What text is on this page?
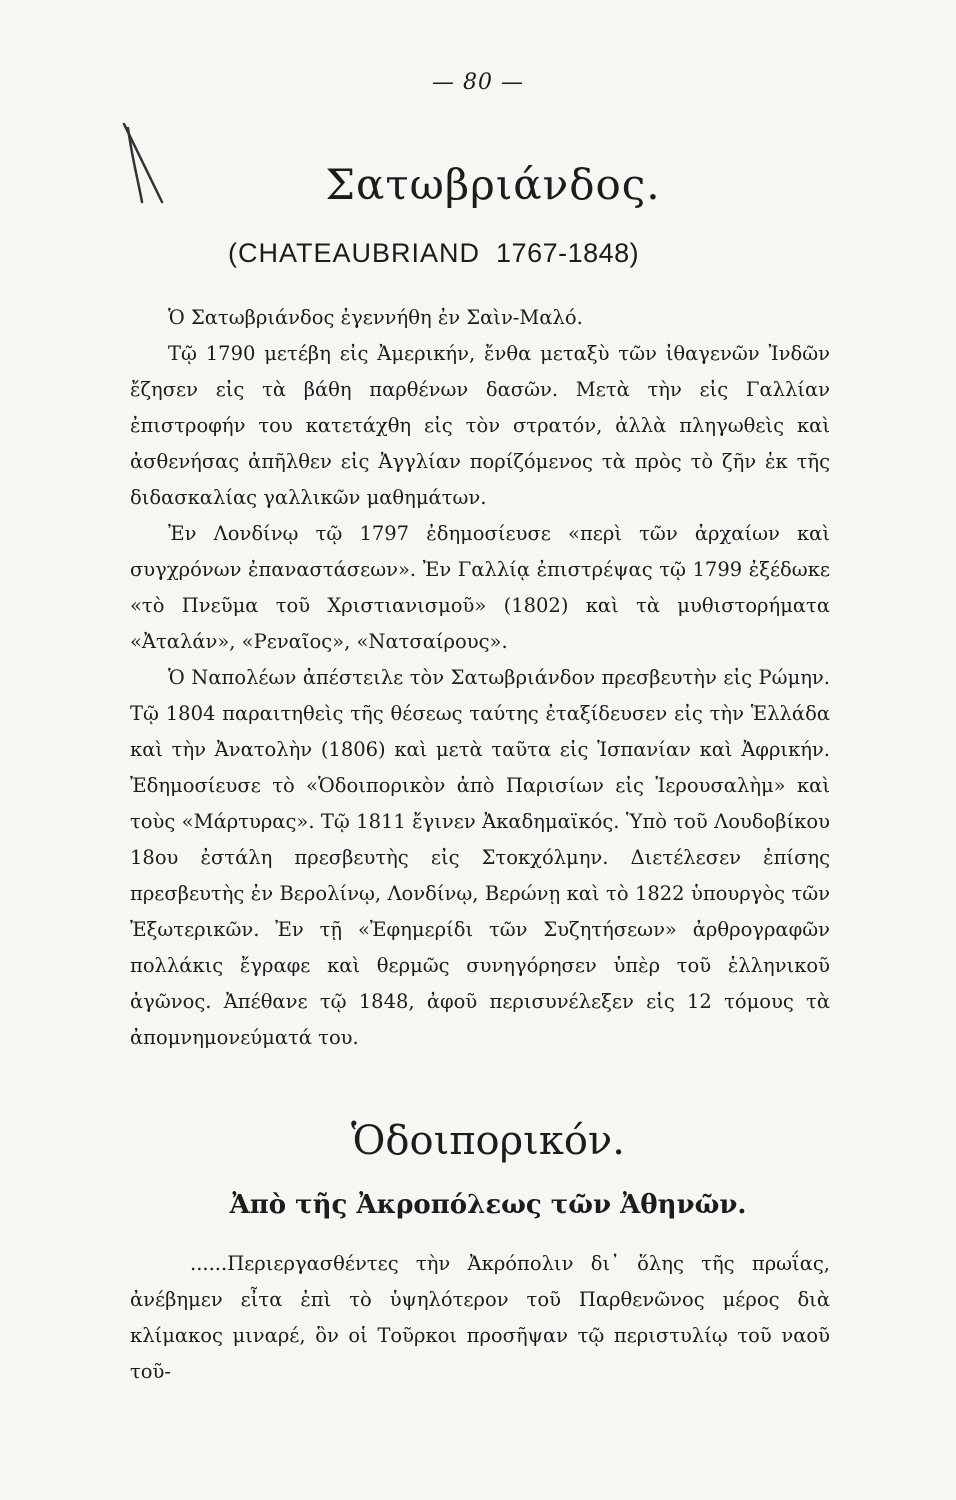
— 80 —
Σατωβριάνδος.
(CHATEAUBRIAND 1767-1848)

Ὁ Σατωβριάνδος ἐγεννήθη ἐν Σαὶν-Μαλό.

Τῷ 1790 μετέβη εἰς Ἀμερικήν, ἔνθα μεταξὺ τῶν ἰθαγενῶν Ἰνδῶν ἔζησεν εἰς τὰ βάθη παρθένων δασῶν. Μετὰ τὴν εἰς Γαλλίαν ἐπιστροφήν του κατετάχθη εἰς τὸν στρατόν, ἀλλὰ πληγωθεὶς καὶ ἀσθενήσας ἀπῆλθεν εἰς Ἀγγλίαν πορίζόμενος τὰ πρὸς τὸ ζῆν ἐκ τῆς διδασκαλίας γαλλικῶν μαθημάτων.

Ἐν Λονδίνῳ τῷ 1797 ἐδημοσίευσε «περὶ τῶν ἀρχαίων καὶ συγχρόνων ἐπαναστάσεων». Ἐν Γαλλίᾳ ἐπιστρέψας τῷ 1799 ἐξέδωκε «τὸ Πνεῦμα τοῦ Χριστιανισμοῦ» (1802) καὶ τὰ μυθιστορήματα «Ἀταλάν», «Ρεναῖος», «Νατσαίρους».

Ὁ Ναπολέων ἀπέστειλε τὸν Σατωβριάνδον πρεσβευτὴν εἰς Ρώμην. Τῷ 1804 παραιτηθεὶς τῆς θέσεως ταύτης ἐταξίδευσεν εἰς τὴν Ἑλλάδα καὶ τὴν Ἀνατολὴν (1806) καὶ μετὰ ταῦτα εἰς Ἱσπανίαν καὶ Ἀφρικήν. Ἐδημοσίευσε τὸ «Ὁδοιπορικὸν ἀπὸ Παρισίων εἰς Ἱερουσαλὴμ» καὶ τοὺς «Μάρτυρας». Τῷ 1811 ἔγινεν Ἀκαδημαϊκός. Ὑπὸ τοῦ Λουδοβίκου 18ου ἐστάλη πρεσβευτὴς εἰς Στοκχόλμην. Διετέλεσεν ἐπίσης πρεσβευτὴς ἐν Βερολίνῳ, Λονδίνῳ, Βερώνῃ καὶ τὸ 1822 ὑπουργὸς τῶν Ἐξωτερικῶν. Ἐν τῇ «Ἐφημερίδι τῶν Συζητήσεων» ἀρθρογραφῶν πολλάκις ἔγραφε καὶ θερμῶς συνηγόρησεν ὑπὲρ τοῦ ἑλληνικοῦ ἀγῶνος. Ἀπέθανε τῷ 1848, ἀφοῦ περισυνέλεξεν εἰς 12 τόμους τὰ ἀπομνημονεύματά του.

Ὁδοιπορικόν.
Ἀπὸ τῆς Ἀκροπόλεως τῶν Ἀθηνῶν.

......Περιεργασθέντες τὴν Ἀκρόπολιν δι᾽ ὅλης τῆς πρωΐας, ἀνέβημεν εἶτα ἐπὶ τὸ ὑψηλότερον τοῦ Παρθενῶνος μέρος διὰ κλίμακος μιναρέ, ὃν οἱ Τοῦρκοι προσῆψαν τῷ περιστυλίῳ τοῦ ναοῦ τοῦ-
